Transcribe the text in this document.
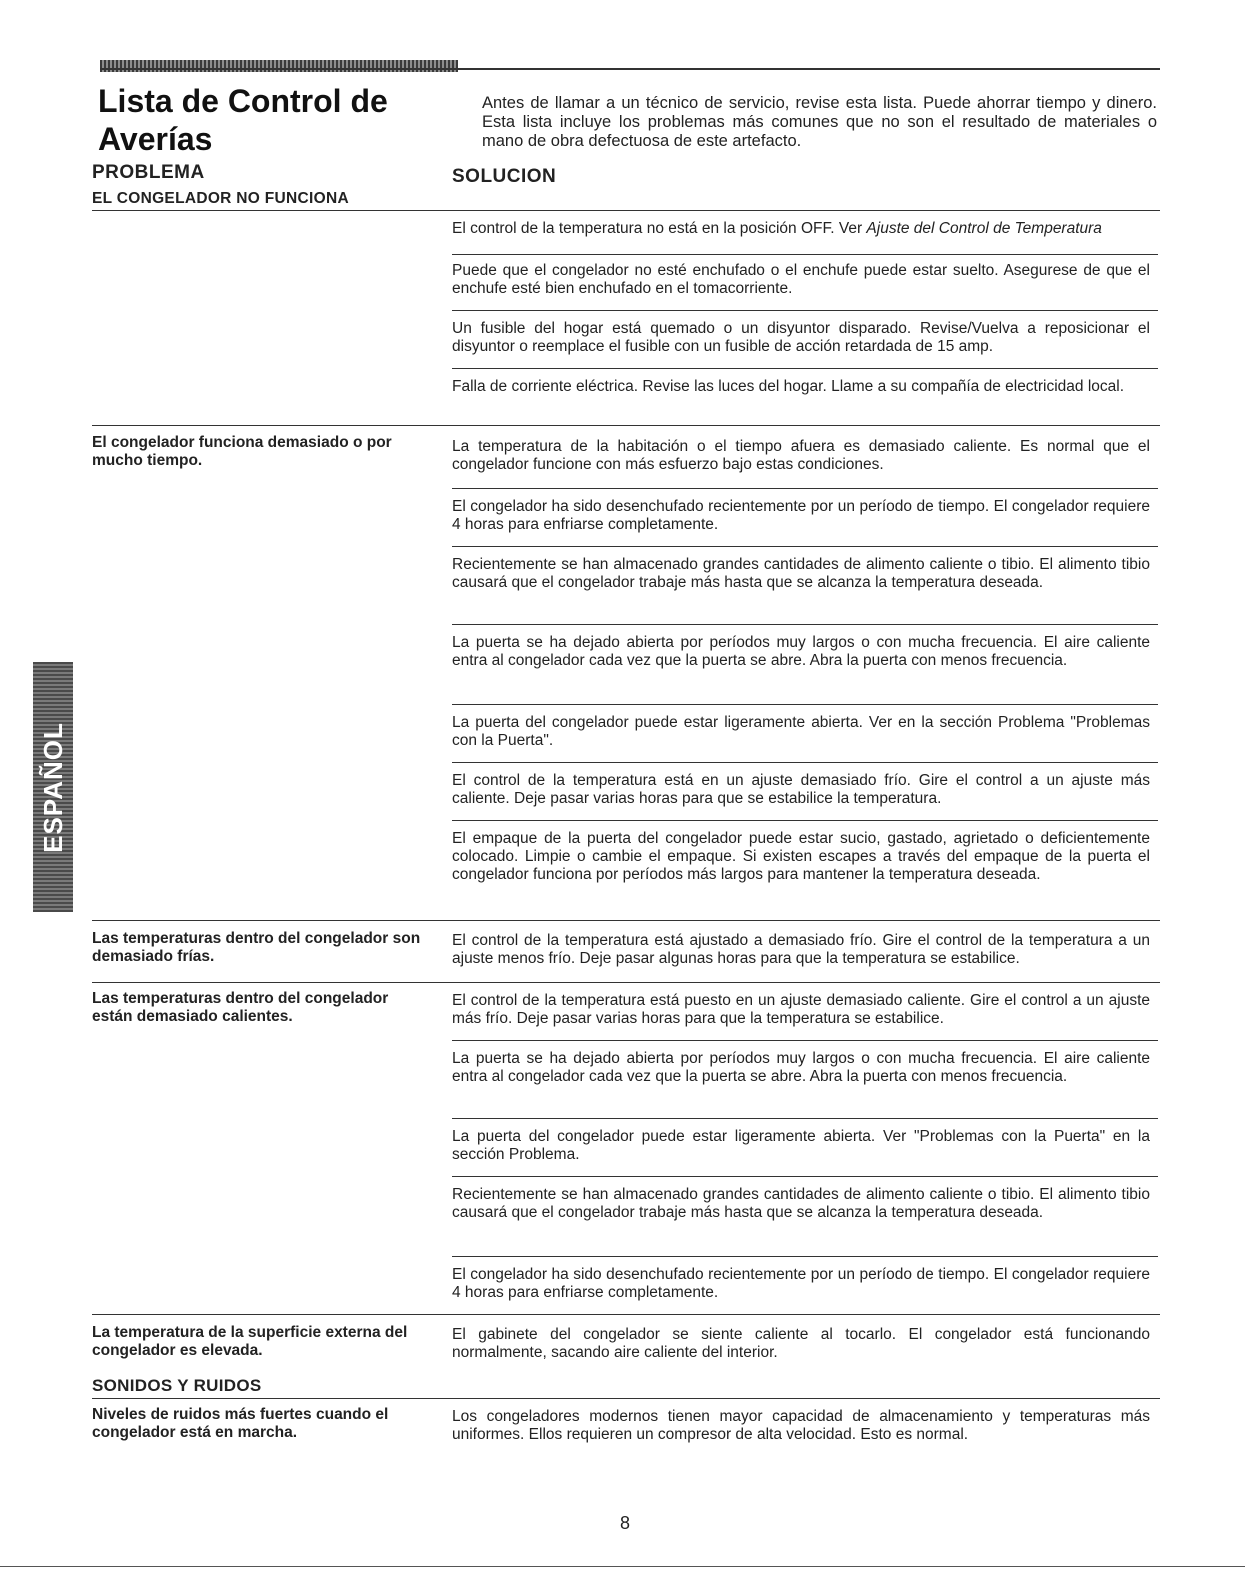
Lista de Control de Averías
Antes de llamar a un técnico de servicio, revise esta lista. Puede ahorrar tiempo y dinero. Esta lista incluye los problemas más comunes que no son el resultado de materiales o mano de obra defectuosa de este artefacto.
PROBLEMA	SOLUCION
EL CONGELADOR NO FUNCIONA
El control de la temperatura no está en la posición OFF. Ver Ajuste del Control de Temperatura
Puede que el congelador no esté enchufado o el enchufe puede estar suelto. Asegurese de que el enchufe esté bien enchufado en el tomacorriente.
Un fusible del hogar está quemado o un disyuntor disparado. Revise/Vuelva a reposicionar el disyuntor o reemplace el fusible con un fusible de acción retardada de 15 amp.
Falla de corriente eléctrica. Revise las luces del hogar. Llame a su compañía de electricidad local.
El congelador funciona demasiado o por mucho tiempo.
La temperatura de la habitación o el tiempo afuera es demasiado caliente. Es normal que el congelador funcione con más esfuerzo bajo estas condiciones.
El congelador ha sido desenchufado recientemente por un período de tiempo. El congelador requiere 4 horas para enfriarse completamente.
Recientemente se han almacenado grandes cantidades de alimento caliente o tibio. El alimento tibio causará que el congelador trabaje más hasta que se alcanza la temperatura deseada.
La puerta se ha dejado abierta por períodos muy largos o con mucha frecuencia. El aire caliente entra al congelador cada vez que la puerta se abre. Abra la puerta con menos frecuencia.
La puerta del congelador puede estar ligeramente abierta. Ver en la sección Problema "Problemas con la Puerta".
El control de la temperatura está en un ajuste demasiado frío. Gire el control a un ajuste más caliente. Deje pasar varias horas para que se estabilice la temperatura.
El empaque de la puerta del congelador puede estar sucio, gastado, agrietado o deficientemente colocado. Limpie o cambie el empaque. Si existen escapes a través del empaque de la puerta el congelador funciona por períodos más largos para mantener la temperatura deseada.
Las temperaturas dentro del congelador son demasiado frías.
El control de la temperatura está ajustado a demasiado frío. Gire el control de la temperatura a un ajuste menos frío. Deje pasar algunas horas para que la temperatura se estabilice.
Las temperaturas dentro del congelador están demasiado calientes.
El control de la temperatura está puesto en un ajuste demasiado caliente. Gire el control a un ajuste más frío. Deje pasar varias horas para que la temperatura se estabilice.
La puerta se ha dejado abierta por períodos muy largos o con mucha frecuencia. El aire caliente entra al congelador cada vez que la puerta se abre. Abra la puerta con menos frecuencia.
La puerta del congelador puede estar ligeramente abierta. Ver "Problemas con la Puerta" en la sección Problema.
Recientemente se han almacenado grandes cantidades de alimento caliente o tibio. El alimento tibio causará que el congelador trabaje más hasta que se alcanza la temperatura deseada.
El congelador ha sido desenchufado recientemente por un período de tiempo. El congelador requiere 4 horas para enfriarse completamente.
La temperatura de la superficie externa del congelador es elevada.
El gabinete del congelador se siente caliente al tocarlo. El congelador está funcionando normalmente, sacando aire caliente del interior.
SONIDOS Y RUIDOS
Niveles de ruidos más fuertes cuando el congelador está en marcha.
Los congeladores modernos tienen mayor capacidad de almacenamiento y temperaturas más uniformes. Ellos requieren un compresor de alta velocidad. Esto es normal.
ESPAÑOL
8
